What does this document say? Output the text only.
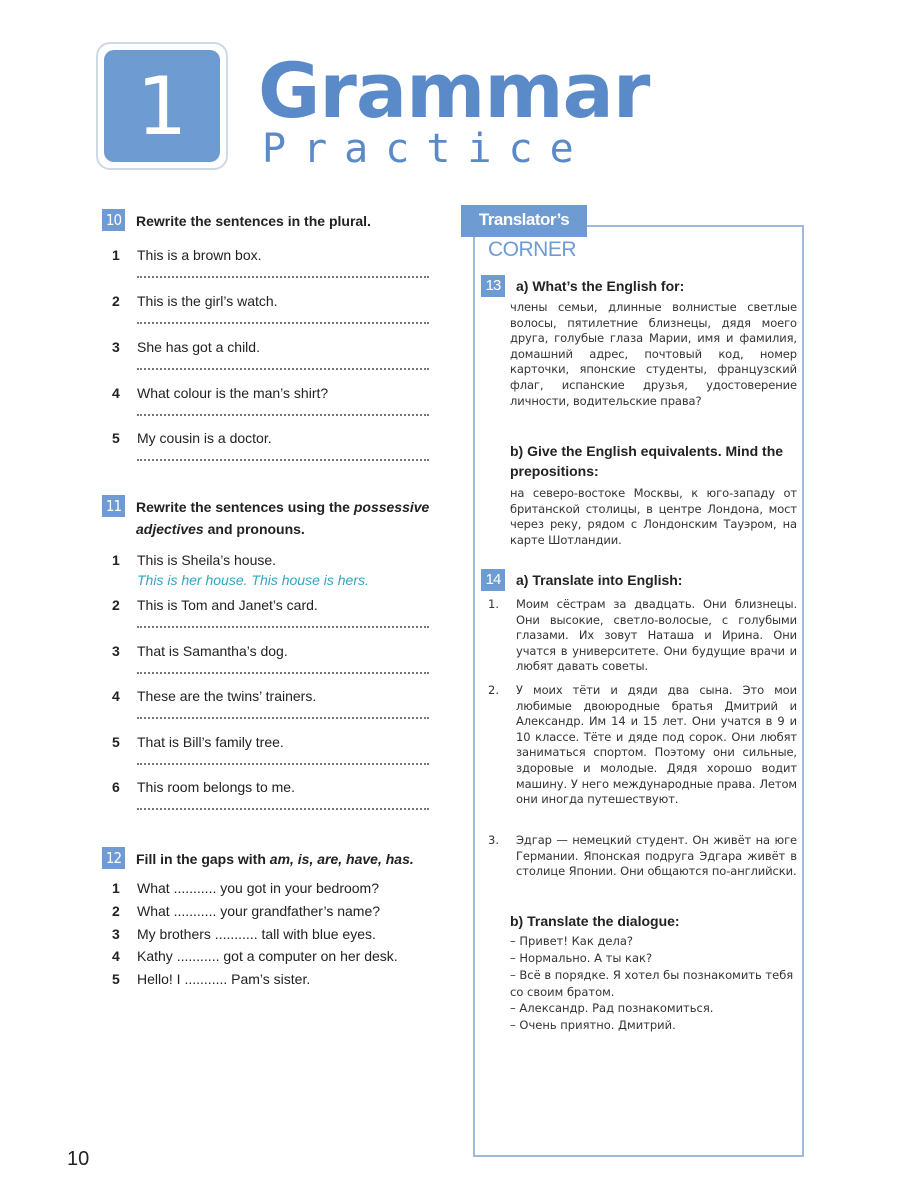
1 Grammar
Practice
10 Rewrite the sentences in the plural.
1 This is a brown box.
2 This is the girl’s watch.
3 She has got a child.
4 What colour is the man’s shirt?
5 My cousin is a doctor.
11 Rewrite the sentences using the possessive adjectives and pronouns.
1 This is Sheila’s house.
This is her house. This house is hers.
2 This is Tom and Janet’s card.
3 That is Samantha’s dog.
4 These are the twins’ trainers.
5 That is Bill’s family tree.
6 This room belongs to me.
12 Fill in the gaps with am, is, are, have, has.
1 What ........... you got in your bedroom?
2 What ........... your grandfather’s name?
3 My brothers ........... tall with blue eyes.
4 Kathy ........... got a computer on her desk.
5 Hello! I ........... Pam’s sister.
Translator’s
CORNER
13	a) What’s the English for:
члены семьи, длинные волнистые светлые волосы, пятилетние близнецы, дядя моего друга, голубые глаза Марии, имя и фамилия, домашний адрес, почтовый код, номер карточки, японские студенты, французский флаг, испанские друзья, удостоверение личности, водительские права?
b) Give the English equivalents. Mind the prepositions:
на северо-востоке Москвы, к юго-западу от британской столицы, в центре Лондона, мост через реку, рядом с Лондонским Тауэром, на карте Шотландии.
14	a) Translate into English:
1. Моим сёстрам за двадцать. Они близнецы. Они высокие, светло-волосые, с голубыми глазами. Их зовут Наташа и Ирина. Они учатся в университете. Они будущие врачи и любят давать советы.
2. У моих тёти и дяди два сына. Это мои любимые двоюродные братья Дмитрий и Александр. Им 14 и 15 лет. Они учатся в 9 и 10 классе. Тёте и дяде под сорок. Они любят заниматься спортом. Поэтому они сильные, здоровые и молодые. Дядя хорошо водит машину. У него международные права. Летом они иногда путешествуют.
3. Эдгар — немецкий студент. Он живёт на юге Германии. Японская подруга Эдгара живёт в столице Японии. Они общаются по-английски.
b) Translate the dialogue:
– Привет! Как дела?
– Нормально. А ты как?
– Всё в порядке. Я хотел бы познакомить тебя со своим братом.
– Александр. Рад познакомиться.
– Очень приятно. Дмитрий.
10
